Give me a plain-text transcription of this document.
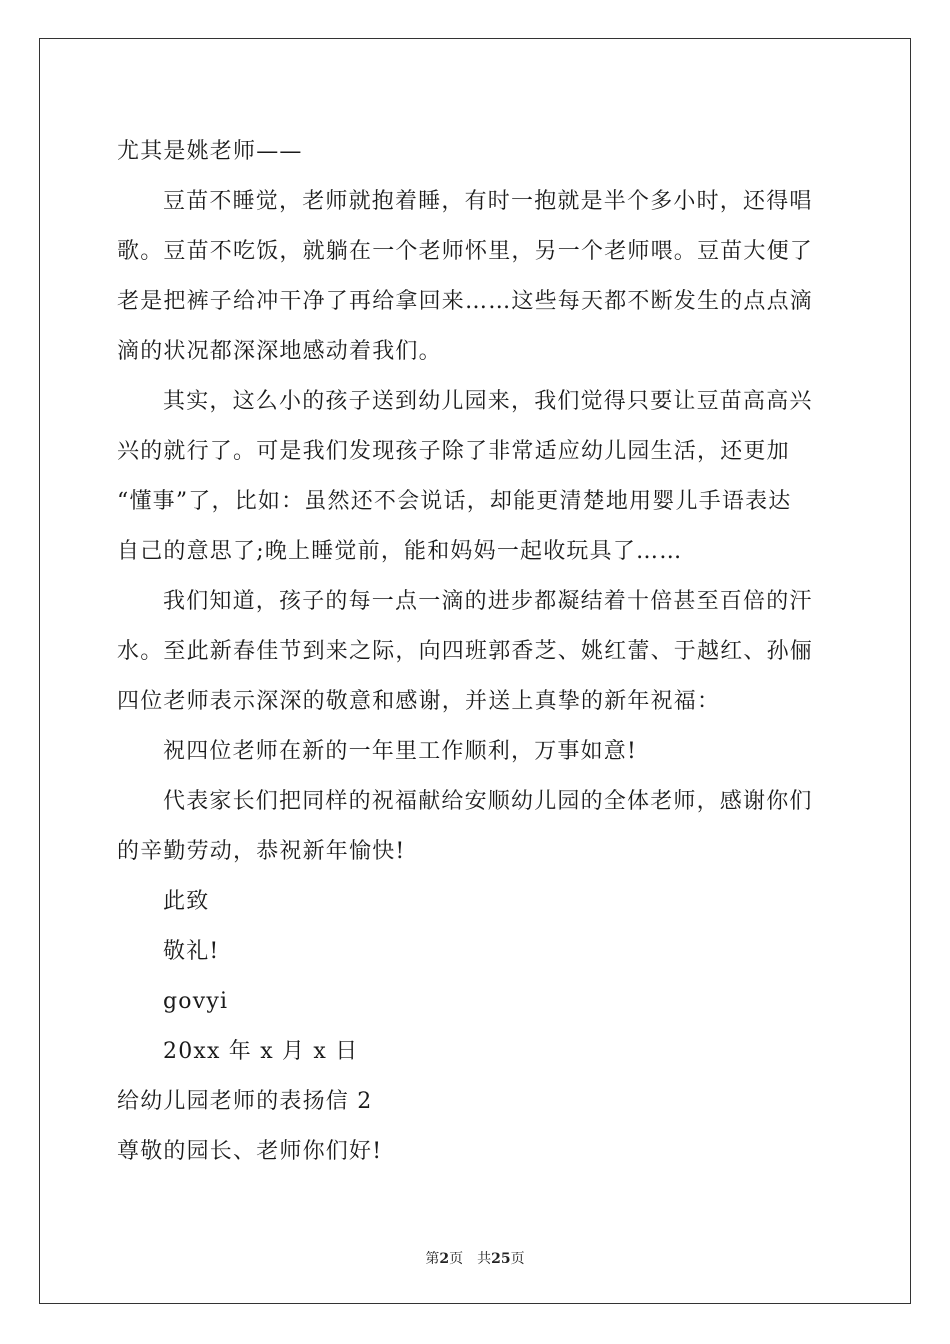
尤其是姚老师——
豆苗不睡觉，老师就抱着睡，有时一抱就是半个多小时，还得唱
歌。豆苗不吃饭，就躺在一个老师怀里，另一个老师喂。豆苗大便了
老是把裤子给冲干净了再给拿回来……这些每天都不断发生的点点滴
滴的状况都深深地感动着我们。
其实，这么小的孩子送到幼儿园来，我们觉得只要让豆苗高高兴
兴的就行了。可是我们发现孩子除了非常适应幼儿园生活，还更加
“懂事”了，比如：虽然还不会说话，却能更清楚地用婴儿手语表达
自己的意思了;晚上睡觉前，能和妈妈一起收玩具了……
我们知道，孩子的每一点一滴的进步都凝结着十倍甚至百倍的汗
水。至此新春佳节到来之际，向四班郭香芝、姚红蕾、于越红、孙俪
四位老师表示深深的敬意和感谢，并送上真挚的新年祝福：
祝四位老师在新的一年里工作顺利，万事如意!
代表家长们把同样的祝福献给安顺幼儿园的全体老师，感谢你们
的辛勤劳动，恭祝新年愉快!
此致
敬礼!
govyi
20xx 年 x 月 x 日
给幼儿园老师的表扬信 2
尊敬的园长、老师你们好!
第2页 共25页
